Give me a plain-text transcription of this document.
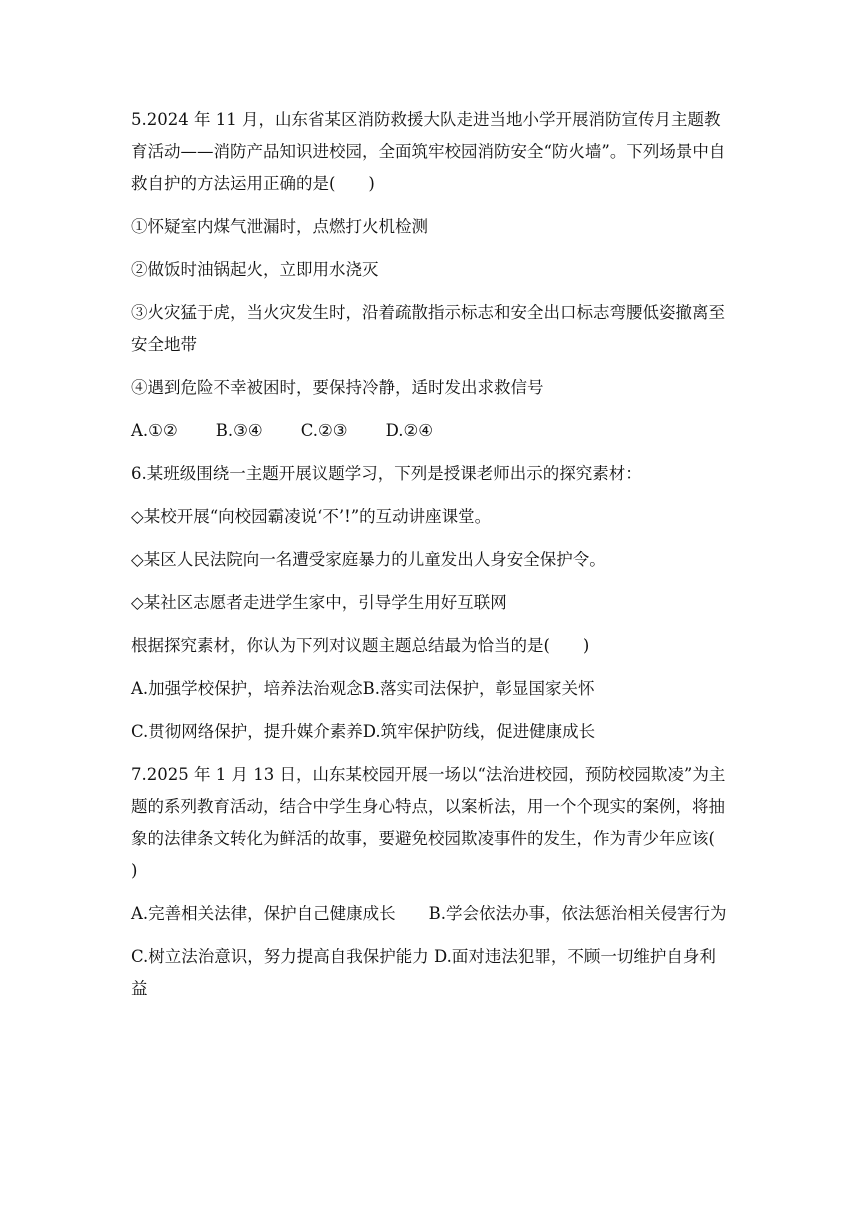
5.2024 年 11 月，山东省某区消防救援大队走进当地小学开展消防宣传月主题教育活动——消防产品知识进校园，全面筑牢校园消防安全“防火墙”。下列场景中自救自护的方法运用正确的是(　　)

①怀疑室内煤气泄漏时，点燃打火机检测

②做饭时油锅起火，立即用水浇灭

③火灾猛于虎，当火灾发生时，沿着疏散指示标志和安全出口标志弯腰低姿撤离至安全地带

④遇到危险不幸被困时，要保持冷静，适时发出求救信号

A.①② B.③④ C.②③ D.②④

6.某班级围绕一主题开展议题学习，下列是授课老师出示的探究素材：

◇某校开展“向校园霸凌说‘不’!”的互动讲座课堂。

◇某区人民法院向一名遭受家庭暴力的儿童发出人身安全保护令。

◇某社区志愿者走进学生家中，引导学生用好互联网

根据探究素材，你认为下列对议题主题总结最为恰当的是(　　)

A.加强学校保护，培养法治观念B.落实司法保护，彰显国家关怀

C.贯彻网络保护，提升媒介素养D.筑牢保护防线，促进健康成长

7.2025 年 1 月 13 日，山东某校园开展一场以“法治进校园，预防校园欺凌”为主题的系列教育活动，结合中学生身心特点，以案析法，用一个个现实的案例，将抽象的法律条文转化为鲜活的故事，要避免校园欺凌事件的发生，作为青少年应该(　　)

A.完善相关法律，保护自己健康成长　　B.学会依法办事，依法惩治相关侵害行为

C.树立法治意识，努力提高自我保护能力 D.面对违法犯罪，不顾一切维护自身利益
